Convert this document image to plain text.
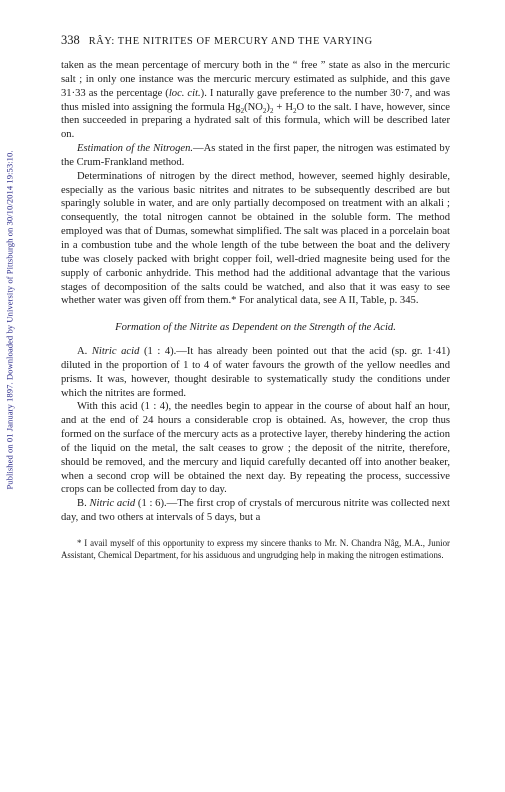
Published on 01 January 1897. Downloaded by University of Pittsburgh on 30/10/2014 19:53:10.
338 RÂY: THE NITRITES OF MERCURY AND THE VARYING

taken as the mean percentage of mercury both in the “ free ” state as also in the mercuric salt ; in only one instance was the mercuric mercury estimated as sulphide, and this gave 31·33 as the percentage (loc. cit.). I naturally gave preference to the number 30·7, and was thus misled into assigning the formula $Hg_2(NO_2)_2 + H_2O$ to the salt. I have, however, since then succeeded in preparing a hydrated salt of this formula, which will be described later on.

Estimation of the Nitrogen.—As stated in the first paper, the nitrogen was estimated by the Crum-Frankland method.

Determinations of nitrogen by the direct method, however, seemed highly desirable, especially as the various basic nitrites and nitrates to be subsequently described are but sparingly soluble in water, and are only partially decomposed on treatment with an alkali ; consequently, the total nitrogen cannot be obtained in the soluble form. The method employed was that of Dumas, somewhat simplified. The salt was placed in a porcelain boat in a combustion tube and the whole length of the tube between the boat and the delivery tube was closely packed with bright copper foil, well-dried magnesite being used for the supply of carbonic anhydride. This method had the additional advantage that the various stages of decomposition of the salts could be watched, and also that it was easy to see whether water was given off from them.* For analytical data, see A II, Table, p. 345.

Formation of the Nitrite as Dependent on the Strength of the Acid.

A. Nitric acid (1 : 4).—It has already been pointed out that the acid (sp. gr. 1·41) diluted in the proportion of 1 to 4 of water favours the growth of the yellow needles and prisms. It was, however, thought desirable to systematically study the conditions under which the nitrites are formed.

With this acid (1 : 4), the needles begin to appear in the course of about half an hour, and at the end of 24 hours a considerable crop is obtained. As, however, the crop thus formed on the surface of the mercury acts as a protective layer, thereby hindering the action of the liquid on the metal, the salt ceases to grow ; the deposit of the nitrite, therefore, should be removed, and the mercury and liquid carefully decanted off into another beaker, when a second crop will be obtained the next day. By repeating the process, successive crops can be collected from day to day.

B. Nitric acid (1 : 6).—The first crop of crystals of mercurous nitrite was collected next day, and two others at intervals of 5 days, but a

* I avail myself of this opportunity to express my sincere thanks to Mr. N. Chandra Nâg, M.A., Junior Assistant, Chemical Department, for his assiduous and ungrudging help in making the nitrogen estimations.
